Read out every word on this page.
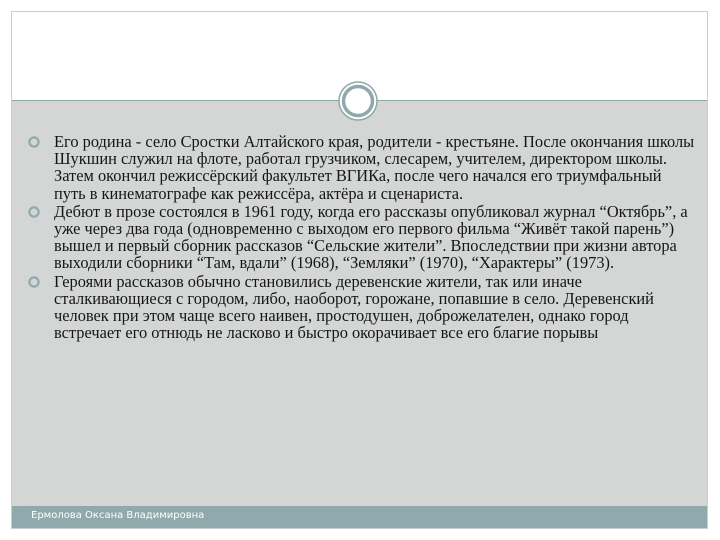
Его родина - село Сростки Алтайского края, родители - крестьяне. После окончания школы Шукшин служил на флоте, работал грузчиком, слесарем, учителем, директором школы. Затем окончил режиссёрский факультет ВГИКа, после чего начался его триумфальный путь в кинематографе как режиссёра, актёра и сценариста.
Дебют в прозе состоялся в 1961 году, когда его рассказы опубликовал журнал “Октябрь”, а уже через два года (одновременно с выходом его первого фильма “Живёт такой парень”) вышел и первый сборник рассказов “Сельские жители”. Впоследствии при жизни автора выходили сборники “Там, вдали” (1968), “Земляки” (1970), “Характеры” (1973).
Героями рассказов обычно становились деревенские жители, так или иначе сталкивающиеся с городом, либо, наоборот, горожане, попавшие в село. Деревенский человек при этом чаще всего наивен, простодушен, доброжелателен, однако город встречает его отнюдь не ласково и быстро окорачивает все его благие порывы
Ермолова Оксана Владимировна
